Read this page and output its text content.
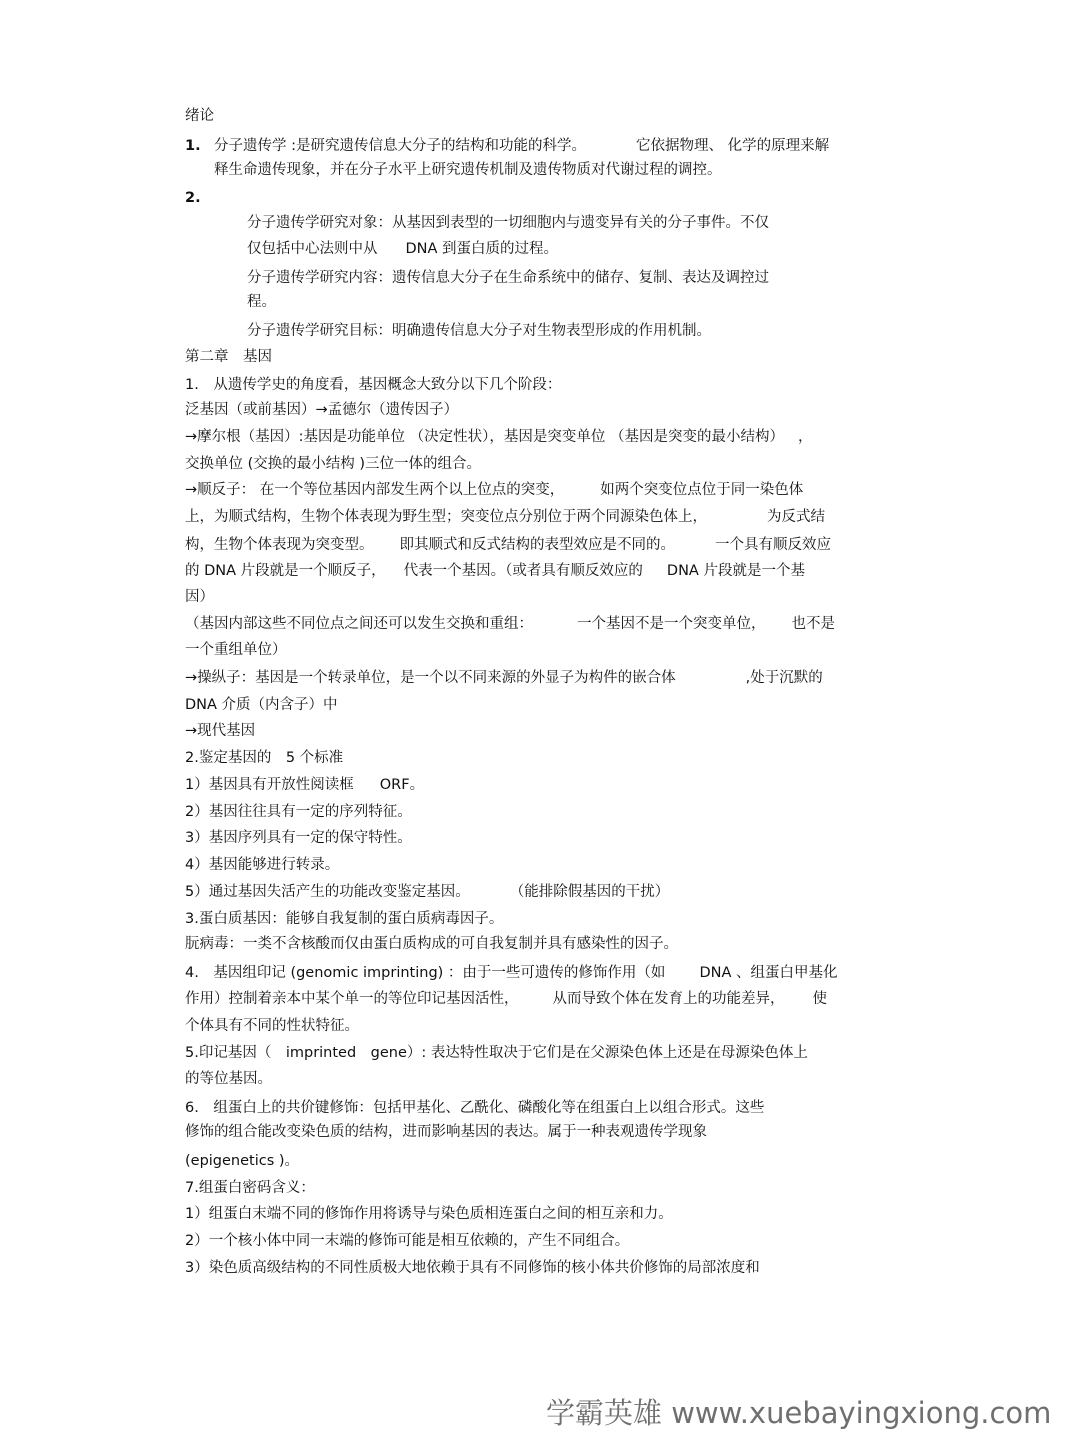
绪论

1. 分子遗传学 :是研究遗传信息大分子的结构和功能的科学。	它依据物理、 化学的原理来解

释生命遗传现象，并在分子水平上研究遗传机制及遗传物质对代谢过程的调控。

2.

分子遗传学研究对象：从基因到表型的一切细胞内与遗变异有关的分子事件。不仅

仅包括中心法则中从 DNA 到蛋白质的过程。

分子遗传学研究内容：遗传信息大分子在生命系统中的储存、复制、表达及调控过

程。

分子遗传学研究目标：明确遗传信息大分子对生物表型形成的作用机制。

第二章　基因

1.　从遗传学史的角度看，基因概念大致分以下几个阶段：

泛基因（或前基因）→孟德尔（遗传因子）

→摩尔根（基因）:基因是功能单位 （决定性状），基因是突变单位 （基因是突变的最小结构） ，

交换单位 (交换的最小结构 )三位一体的组合。

→顺反子： 在一个等位基因内部发生两个以上位点的突变， 如两个突变位点位于同一染色体

上，为顺式结构，生物个体表现为野生型；突变位点分别位于两个同源染色体上，	为反式结

构，生物个体表现为突变型。 即其顺式和反式结构的表型效应是不同的。	一个具有顺反效应

的 DNA 片段就是一个顺反子， 代表一个基因。（或者具有顺反效应的 DNA 片段就是一个基

因）

（基因内部这些不同位点之间还可以发生交换和重组：	一个基因不是一个突变单位， 也不是

一个重组单位）

→操纵子：基因是一个转录单位，是一个以不同来源的外显子为构件的嵌合体	,处于沉默的

DNA 介质（内含子）中

→现代基因

2.鉴定基因的　5 个标准

1）基因具有开放性阅读框 ORF。

2）基因往往具有一定的序列特征。

3）基因序列具有一定的保守特性。

4）基因能够进行转录。

5）通过基因失活产生的功能改变鉴定基因。	（能排除假基因的干扰）

3.蛋白质基因：能够自我复制的蛋白质病毒因子。

朊病毒：一类不含核酸而仅由蛋白质构成的可自我复制并具有感染性的因子。

4.　基因组印记 (genomic imprinting) ：由于一些可遗传的修饰作用（如 DNA 、组蛋白甲基化

作用）控制着亲本中某个单一的等位印记基因活性， 从而导致个体在发育上的功能差异， 使

个体具有不同的性状特征。

5.印记基因（　imprinted　gene）: 表达特性取决于它们是在父源染色体上还是在母源染色体上

的等位基因。

6.　组蛋白上的共价键修饰：包括甲基化、乙酰化、磷酸化等在组蛋白上以组合形式。这些

修饰的组合能改变染色质的结构，进而影响基因的表达。属于一种表观遗传学现象

(epigenetics )。

7.组蛋白密码含义：

1）组蛋白末端不同的修饰作用将诱导与染色质相连蛋白之间的相互亲和力。

2）一个核小体中同一末端的修饰可能是相互依赖的，产生不同组合。

3）染色质高级结构的不同性质极大地依赖于具有不同修饰的核小体共价修饰的局部浓度和

学霸英雄 www.xuebayingxiong.com
